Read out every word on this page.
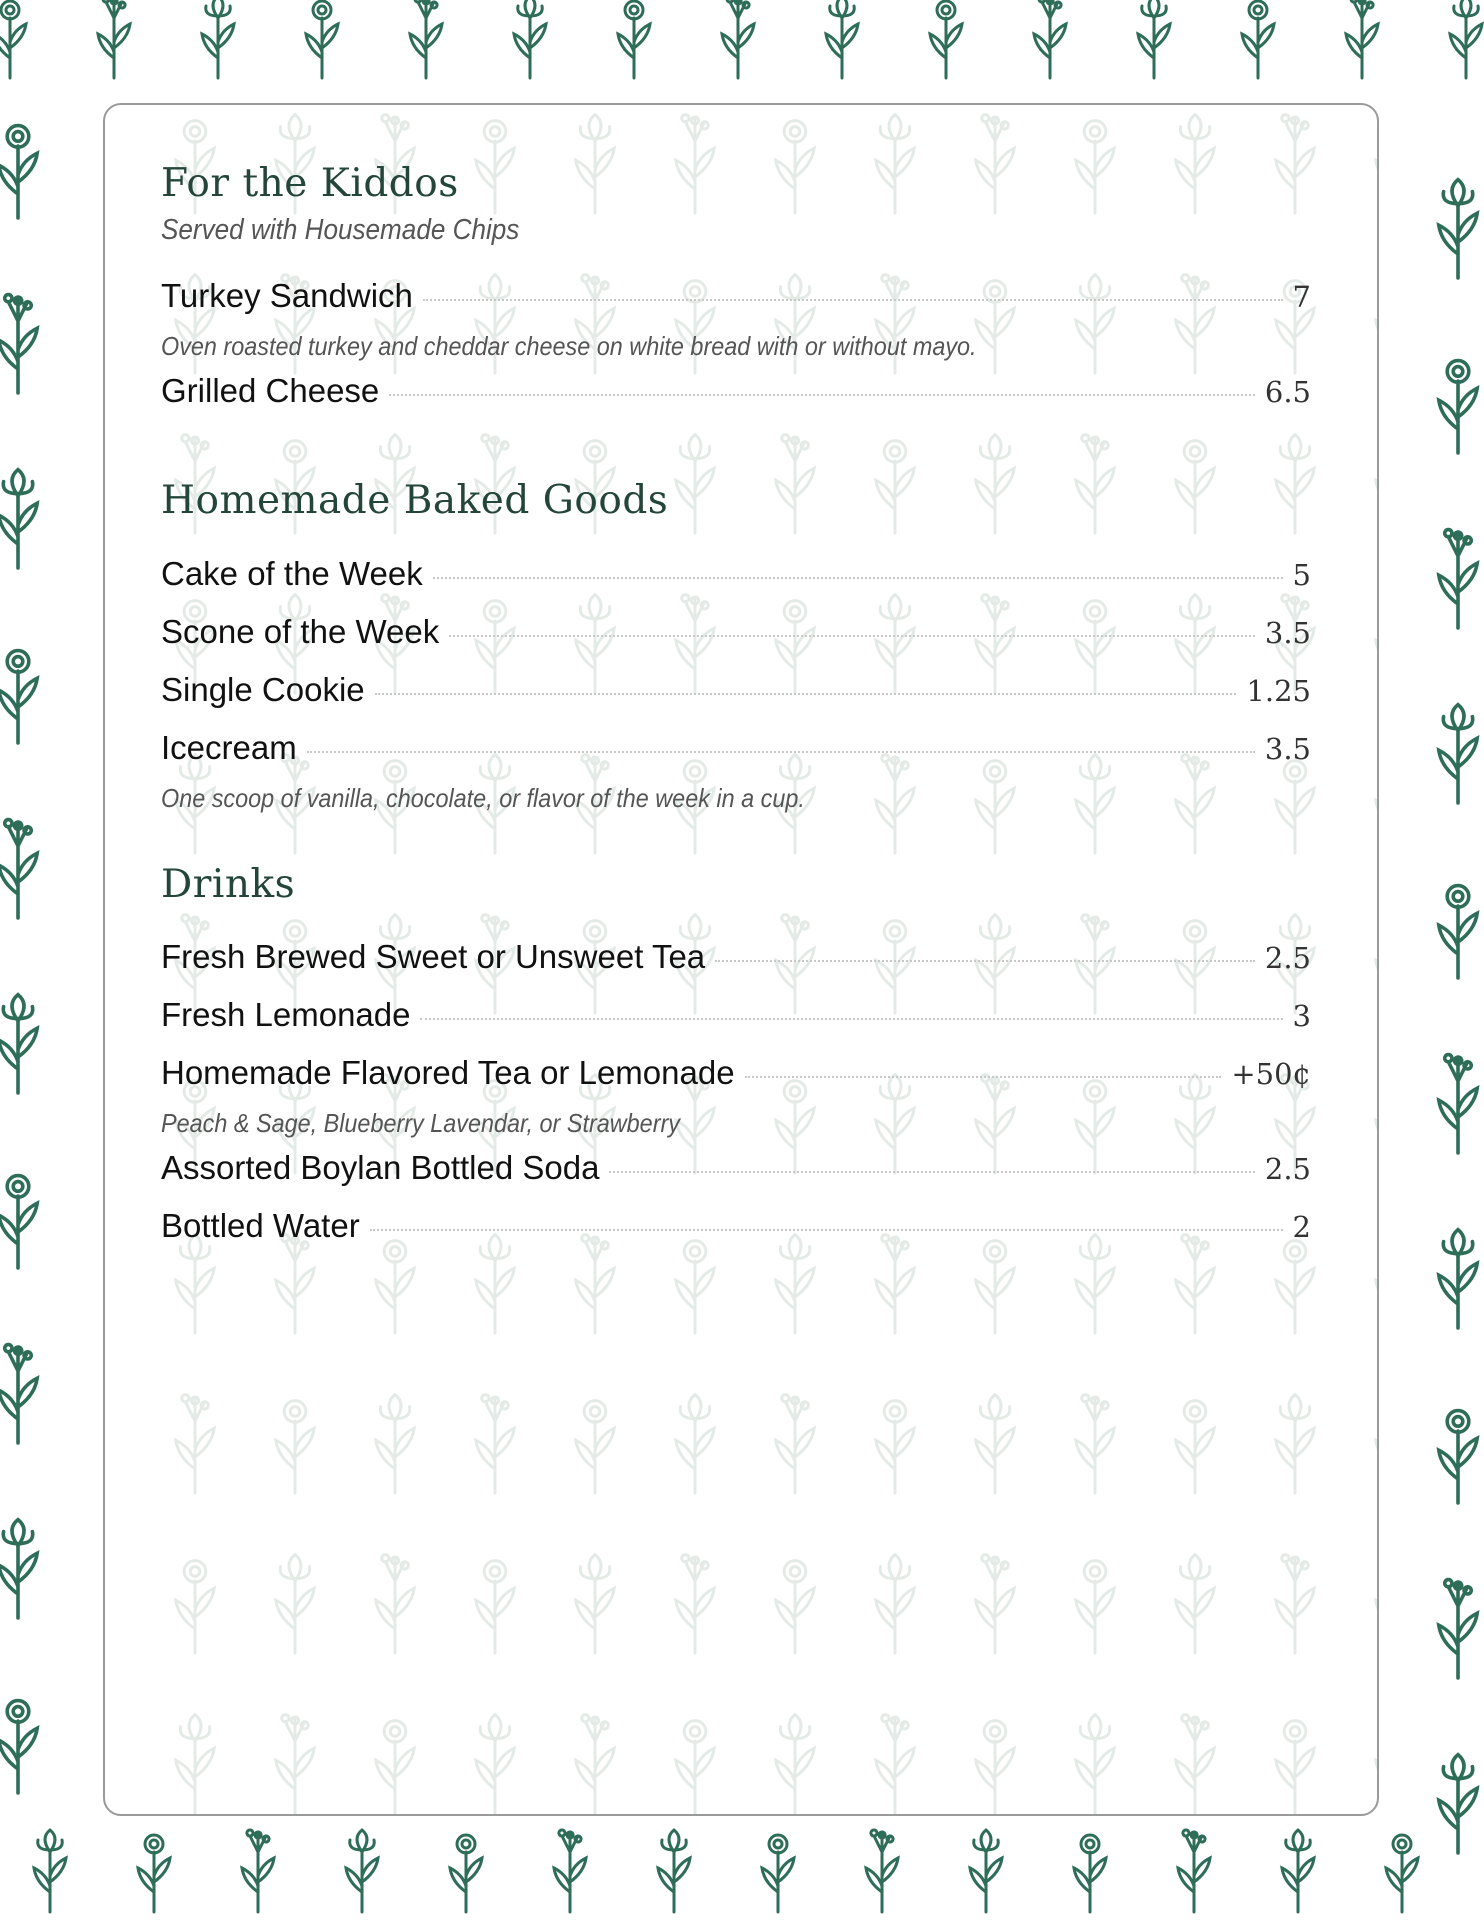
For the Kiddos
Served with Housemade Chips
Turkey Sandwich	7
Oven roasted turkey and cheddar cheese on white bread with or without mayo.
Grilled Cheese	6.5
Homemade Baked Goods
Cake of the Week	5
Scone of the Week	3.5
Single Cookie	1.25
Icecream	3.5
One scoop of vanilla, chocolate, or flavor of the week in a cup.
Drinks
Fresh Brewed Sweet or Unsweet Tea	2.5
Fresh Lemonade	3
Homemade Flavored Tea or Lemonade	+50¢
Peach & Sage, Blueberry Lavendar, or Strawberry
Assorted Boylan Bottled Soda	2.5
Bottled Water	2
